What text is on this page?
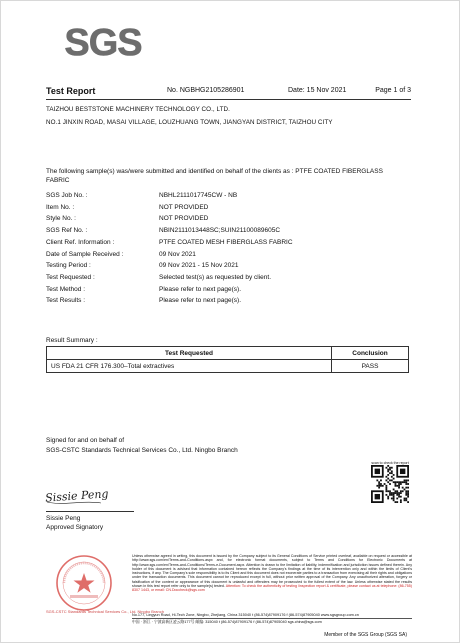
SGS
Test Report	No. NGBHG2105286901	Date: 15 Nov 2021	Page 1 of 3
TAIZHOU BESTSTONE MACHINERY TECHNOLOGY CO., LTD.
NO.1 JINXIN ROAD, MASAI VILLAGE, LOUZHUANG TOWN, JIANGYAN DISTRICT, TAIZHOU CITY
The following sample(s) was/were submitted and identified on behalf of the clients as : PTFE COATED FIBERGLASS FABRIC
SGS Job No. :	NBHL2111017745CW - NB
Item No. :	NOT PROVIDED
Style No. :	NOT PROVIDED
SGS Ref No. :	NBIN2111013448SC;SUIN21100089605C
Client Ref. Information :	PTFE COATED MESH FIBERGLASS FABRIC
Date of Sample Received :	09 Nov 2021
Testing Period :	09 Nov 2021 - 15 Nov 2021
Test Requested :	Selected test(s) as requested by client.
Test Method :	Please refer to next page(s).
Test Results :	Please refer to next page(s).
Result Summary :
Test Requested	Conclusion
US FDA 21 CFR 176.300–Total extractives	PASS
Signed for and on behalf of
SGS-CSTC Standards Technical Services Co., Ltd. Ningbo Branch
Sissie Peng
Sissie Peng
Approved Signatory
scan to check the report
SGS-CSTC Standards Technical Services Co., Ltd. Ningbo Branch
Unless otherwise agreed in writing, this document is issued by the Company subject to its General Conditions of Service printed overleaf, available on request or accessible at http://www.sgs.com/en/Terms-and-Conditions.aspx and, for electronic format documents, subject to Terms and Conditions for Electronic Documents at http://www.sgs.com/en/Terms-and-Conditions/Terms-e-Document.aspx. Attention is drawn to the limitation of liability, indemnification and jurisdiction issues defined therein. Any holder of this document is advised that information contained hereon reflects the Company's findings at the time of its intervention only and within the limits of Client's instructions, if any. The Company's sole responsibility is to its Client and this document does not exonerate parties to a transaction from exercising all their rights and obligations under the transaction documents. This document cannot be reproduced except in full, without prior written approval of the Company. Any unauthorized alteration, forgery or falsification of the content or appearance of this document is unlawful and offenders may be prosecuted to the fullest extent of the law. Unless otherwise stated the results shown in this test report refer only to the sample(s) tested. Attention: To check the authenticity of testing /inspection report & certificate, please contact us at telephone: (86-755) 8307 1443, or email: CN.Doccheck@sgs.com
No.177, Lingyun Road, Hi-Tech Zone, Ningbo, Zhejiang, China 315040 t (86-574)87909176 f (86-574)87905040 www.sgsgroup.com.cn
中国 · 浙江 · 宁波高新区凌云路177号 邮编: 315040 t (86-574)87909176 f (86-574)87905040 sgs.china@sgs.com
Member of the SGS Group (SGS SA)
